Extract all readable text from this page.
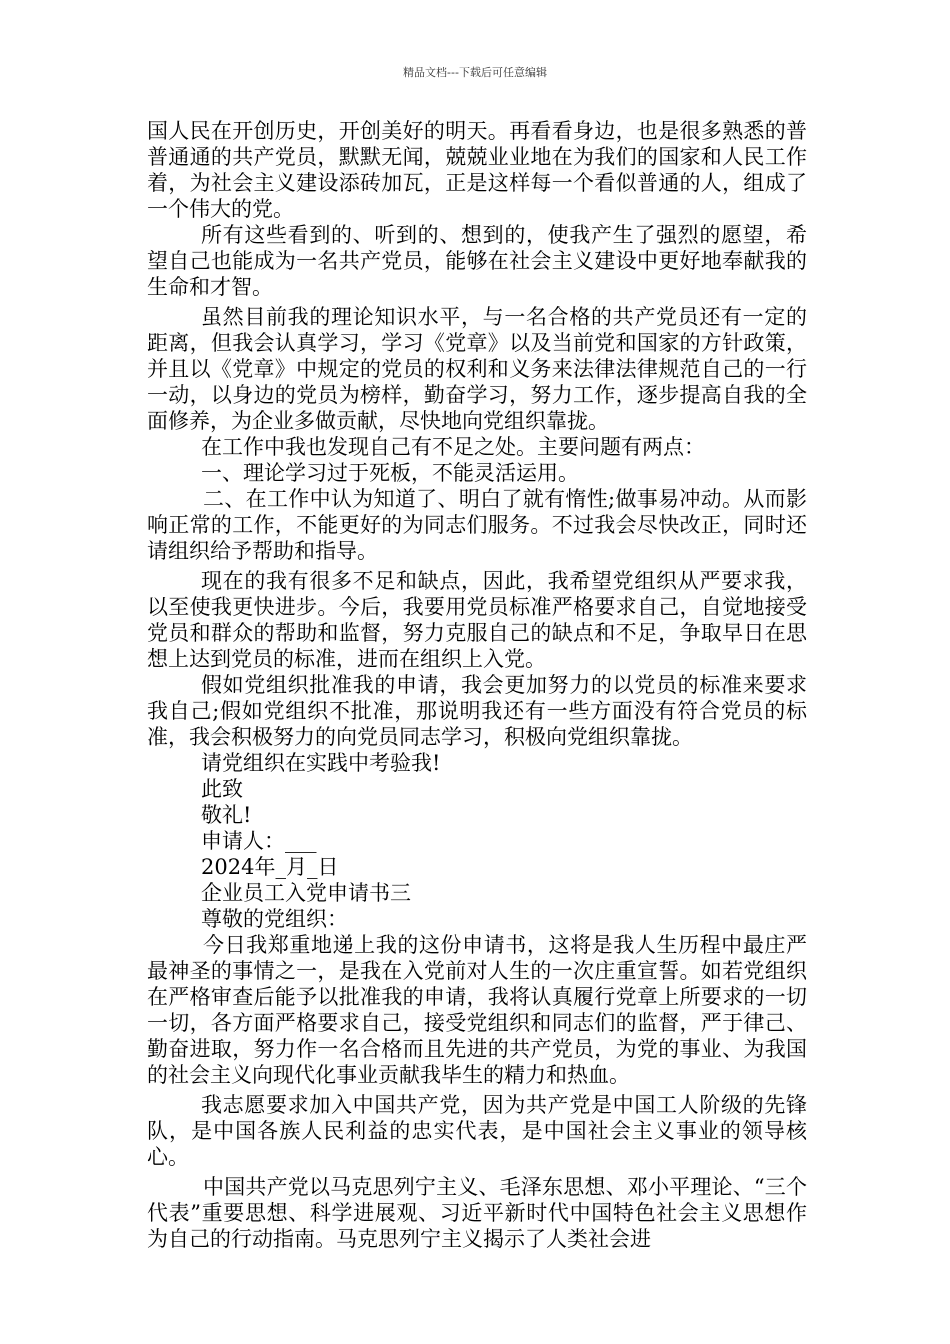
精品文档---下载后可任意编辑

国人民在开创历史，开创美好的明天。再看看身边，也是很多熟悉的普普通通的共产党员，默默无闻，兢兢业业地在为我们的国家和人民工作着，为社会主义建设添砖加瓦，正是这样每一个看似普通的人，组成了一个伟大的党。

所有这些看到的、听到的、想到的，使我产生了强烈的愿望，希望自己也能成为一名共产党员，能够在社会主义建设中更好地奉献我的生命和才智。

虽然目前我的理论知识水平，与一名合格的共产党员还有一定的距离，但我会认真学习，学习《党章》以及当前党和国家的方针政策，并且以《党章》中规定的党员的权利和义务来法律法律规范自己的一行一动，以身边的党员为榜样，勤奋学习，努力工作，逐步提高自我的全面修养，为企业多做贡献，尽快地向党组织靠拢。

在工作中我也发现自己有不足之处。主要问题有两点：

一、理论学习过于死板，不能灵活运用。

二、在工作中认为知道了、明白了就有惰性;做事易冲动。从而影响正常的工作，不能更好的为同志们服务。不过我会尽快改正，同时还请组织给予帮助和指导。

现在的我有很多不足和缺点，因此，我希望党组织从严要求我，以至使我更快进步。今后，我要用党员标准严格要求自己，自觉地接受党员和群众的帮助和监督，努力克服自己的缺点和不足，争取早日在思想上达到党员的标准，进而在组织上入党。

假如党组织批准我的申请，我会更加努力的以党员的标准来要求我自己;假如党组织不批准，那说明我还有一些方面没有符合党员的标准，我会积极努力的向党员同志学习，积极向党组织靠拢。

请党组织在实践中考验我!

此致

敬礼!

申请人：___

2024年_月_日

企业员工入党申请书三

尊敬的党组织：

今日我郑重地递上我的这份申请书，这将是我人生历程中最庄严最神圣的事情之一，是我在入党前对人生的一次庄重宣誓。如若党组织在严格审查后能予以批准我的申请，我将认真履行党章上所要求的一切一切，各方面严格要求自己，接受党组织和同志们的监督，严于律己、勤奋进取，努力作一名合格而且先进的共产党员，为党的事业、为我国的社会主义向现代化事业贡献我毕生的精力和热血。

我志愿要求加入中国共产党，因为共产党是中国工人阶级的先锋队，是中国各族人民利益的忠实代表，是中国社会主义事业的领导核心。

中国共产党以马克思列宁主义、毛泽东思想、邓小平理论、“三个代表”重要思想、科学进展观、习近平新时代中国特色社会主义思想作为自己的行动指南。马克思列宁主义揭示了人类社会进
